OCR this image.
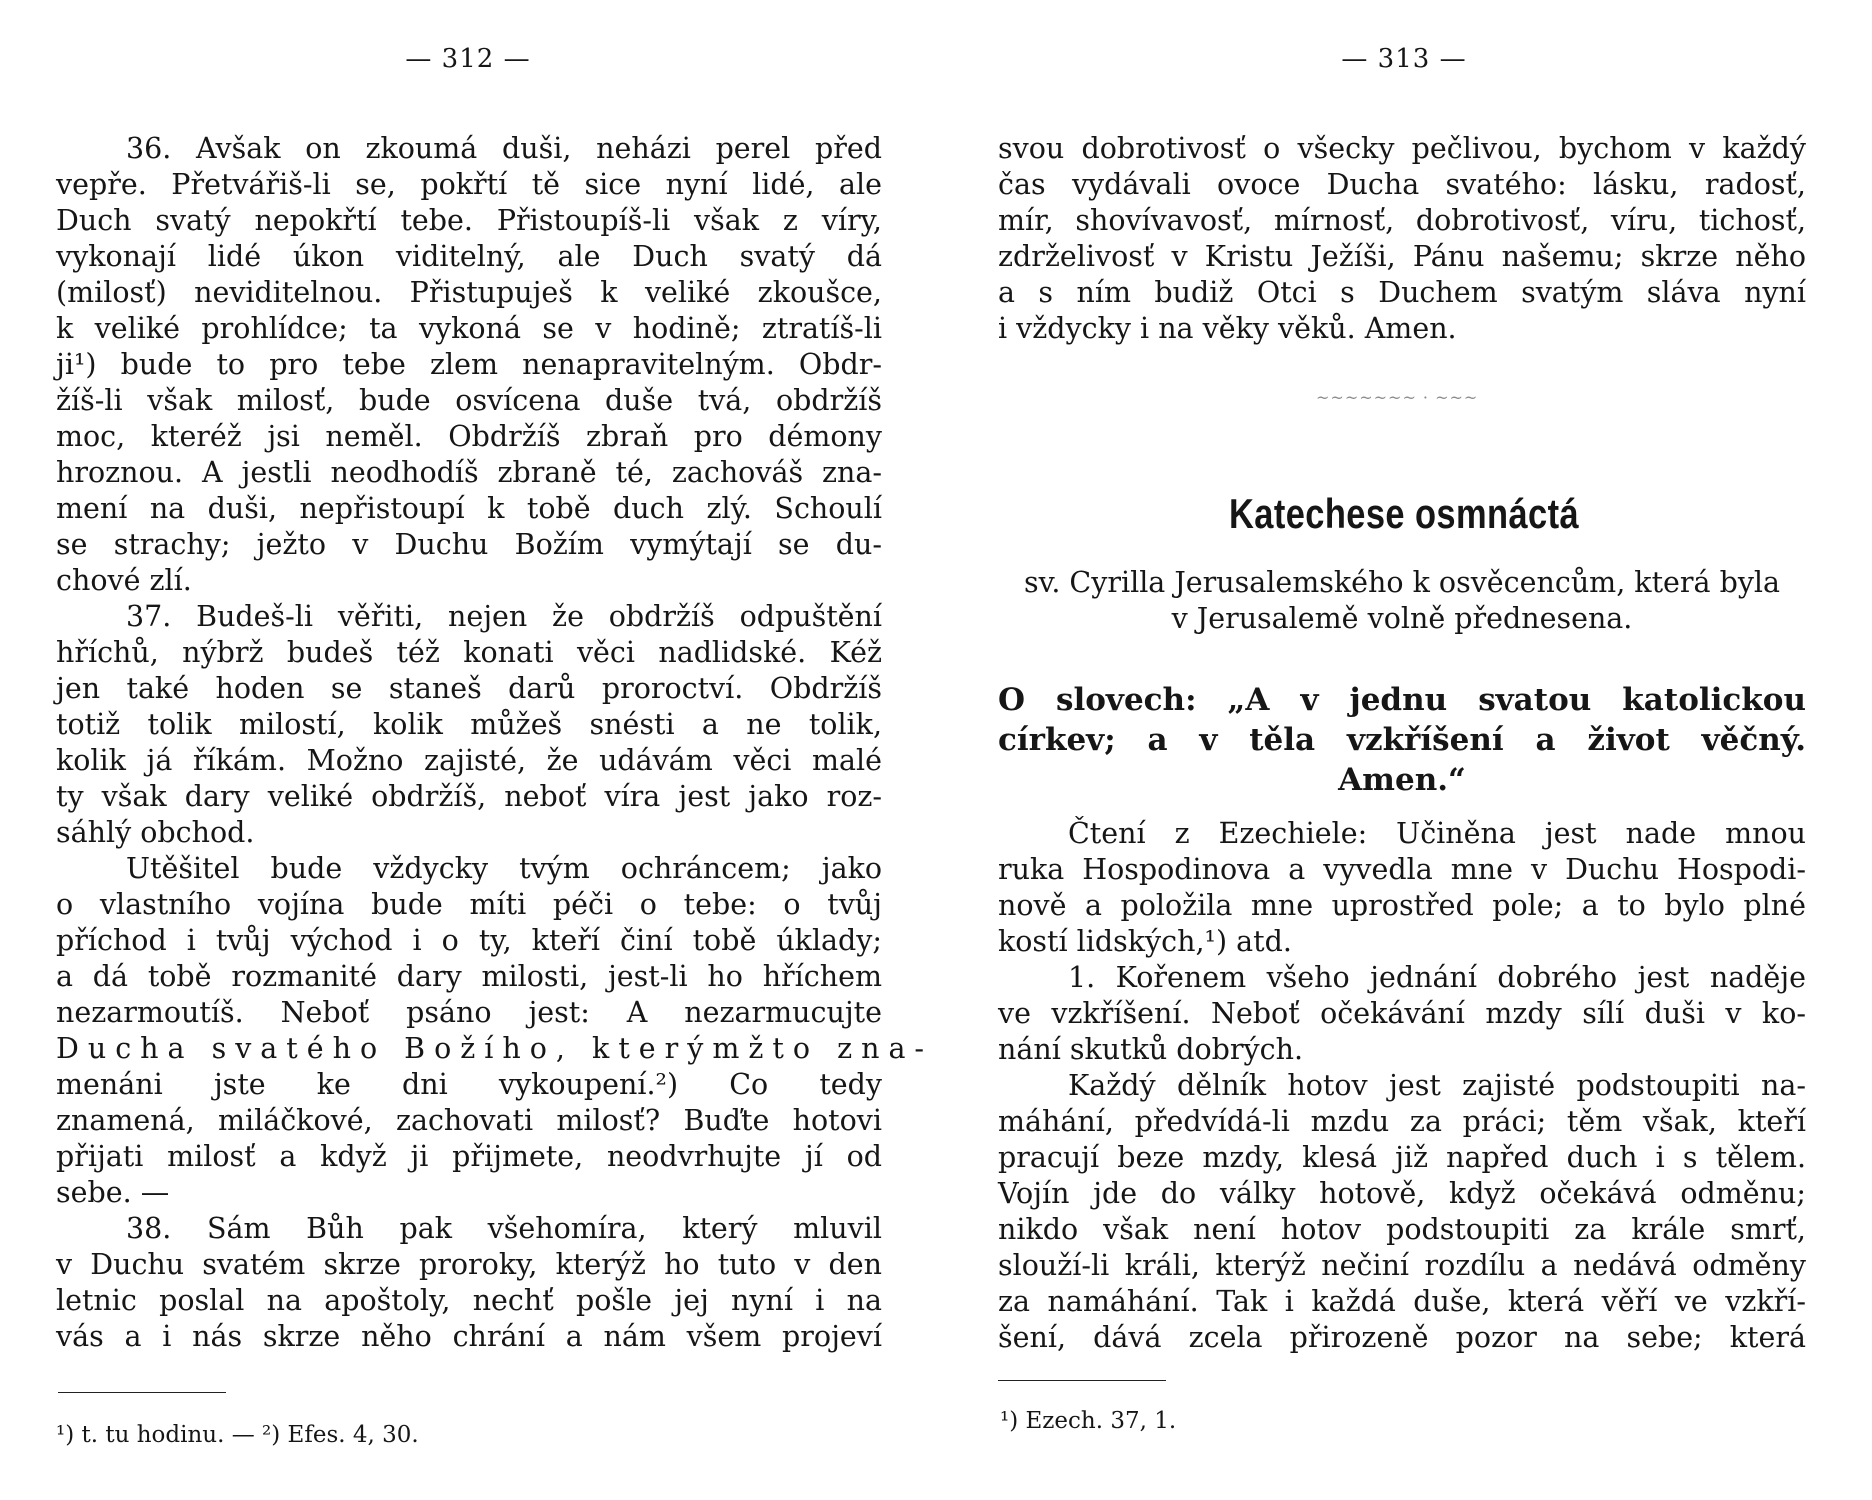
— 312 —
36. Avšak on zkoumá duši, neházi perel před
vepře. Přetvářiš-li se, pokřtí tě sice nyní lidé, ale
Duch svatý nepokřtí tebe. Přistoupíš-li však z víry,
vykonají lidé úkon viditelný, ale Duch svatý dá
(milosť) neviditelnou. Přistupuješ k veliké zkoušce,
k veliké prohlídce; ta vykoná se v hodině; ztratíš-li
ji¹) bude to pro tebe zlem nenapravitelným. Obdr-
žíš-li však milosť, bude osvícena duše tvá, obdržíš
moc, kteréž jsi neměl. Obdržíš zbraň pro démony
hroznou. A jestli neodhodíš zbraně té, zachováš zna-
mení na duši, nepřistoupí k tobě duch zlý. Schoulí
se strachy; ježto v Duchu Božím vymýtají se du-
chové zlí.
37. Budeš-li věřiti, nejen že obdržíš odpuštění
hříchů, nýbrž budeš též konati věci nadlidské. Kéž
jen také hoden se staneš darů proroctví. Obdržíš
totiž tolik milostí, kolik můžeš snésti a ne tolik,
kolik já říkám. Možno zajisté, že udávám věci malé
ty však dary veliké obdržíš, neboť víra jest jako roz-
sáhlý obchod.
Utěšitel bude vždycky tvým ochráncem; jako
o vlastního vojína bude míti péči o tebe: o tvůj
příchod i tvůj východ i o ty, kteří činí tobě úklady;
a dá tobě rozmanité dary milosti, jest-li ho hříchem
nezarmoutíš. Neboť psáno jest: A nezarmucujte
Ducha svatého Božího, kterýmžto zna-
menáni jste ke dni vykoupení.²) Co tedy
znamená, miláčkové, zachovati milosť? Buďte hotovi
přijati milosť a když ji přijmete, neodvrhujte jí od
sebe. —
38. Sám Bůh pak všehomíra, který mluvil
v Duchu svatém skrze proroky, kterýž ho tuto v den
letnic poslal na apoštoly, nechť pošle jej nyní i na
vás a i nás skrze něho chrání a nám všem projeví
¹) t. tu hodinu. — ²) Efes. 4, 30.
— 313 —
svou dobrotivosť o všecky pečlivou, bychom v každý
čas vydávali ovoce Ducha svatého: lásku, radosť,
mír, shovívavosť, mírnosť, dobrotivosť, víru, tichosť,
zdrželivosť v Kristu Ježíši, Pánu našemu; skrze něho
a s ním budiž Otci s Duchem svatým sláva nyní
i vždycky i na věky věků. Amen.
~~~~~~~ · ~~~
Katechese osmnáctá
sv. Cyrilla Jerusalemského k osvěcencům, která byla
v Jerusalemě volně přednesena.
O slovech: „A v jednu svatou katolickou
církev; a v těla vzkříšení a život věčný.
Amen.“
Čtení z Ezechiele: Učiněna jest nade mnou
ruka Hospodinova a vyvedla mne v Duchu Hospodi-
nově a položila mne uprostřed pole; a to bylo plné
kostí lidských,¹) atd.
1. Kořenem všeho jednání dobrého jest naděje
ve vzkříšení. Neboť očekávání mzdy sílí duši v ko-
nání skutků dobrých.
Každý dělník hotov jest zajisté podstoupiti na-
máhání, předvídá-li mzdu za práci; těm však, kteří
pracují beze mzdy, klesá již napřed duch i s tělem.
Vojín jde do války hotově, když očekává odměnu;
nikdo však není hotov podstoupiti za krále smrť,
slouží-li králi, kterýž nečiní rozdílu a nedává odměny
za namáhání. Tak i každá duše, která věří ve vzkří-
šení, dává zcela přirozeně pozor na sebe; která
¹) Ezech. 37, 1.
